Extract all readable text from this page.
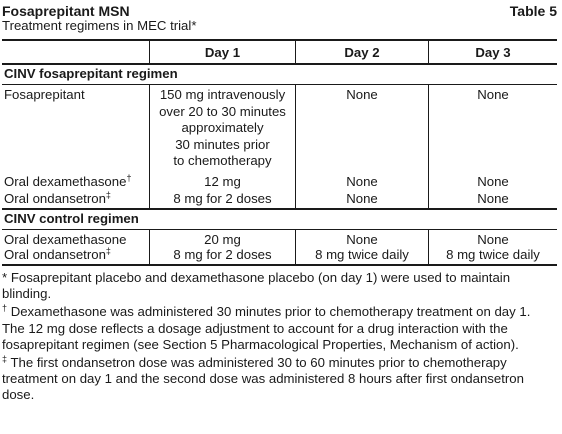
Fosaprepitant MSN	Table 5
Treatment regimens in MEC trial*
Day 1	Day 2	Day 3
CINV fosaprepitant regimen
Fosaprepitant	150 mg intravenously
over 20 to 30 minutes
approximately
30 minutes prior
to chemotherapy
None	None
Oral dexamethasone†	12 mg	None	None
Oral ondansetron‡	8 mg for 2 doses	None	None
CINV control regimen
Oral dexamethasone	20 mg	None	None
Oral ondansetron‡	8 mg for 2 doses	8 mg twice daily	8 mg twice daily

* Fosaprepitant placebo and dexamethasone placebo (on day 1) were used to maintain blinding.

† Dexamethasone was administered 30 minutes prior to chemotherapy treatment on day 1. The 12 mg dose reflects a dosage adjustment to account for a drug interaction with the fosaprepitant regimen (see Section 5 Pharmacological Properties, Mechanism of action).

‡ The first ondansetron dose was administered 30 to 60 minutes prior to chemotherapy treatment on day 1 and the second dose was administered 8 hours after first ondansetron dose.
